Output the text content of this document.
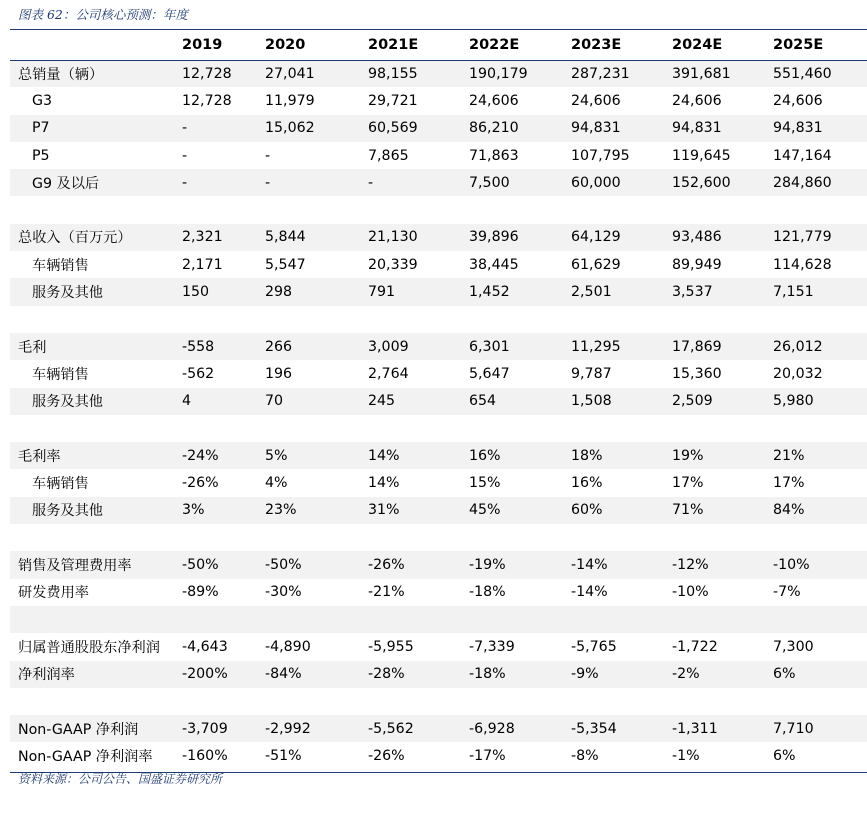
图表 62：公司核心预测：年度
	2019	2020	2021E	2022E	2023E	2024E	2025E
总销量（辆）	12,728	27,041	98,155	190,179	287,231	391,681	551,460
G3	12,728	11,979	29,721	24,606	24,606	24,606	24,606
P7	-	15,062	60,569	86,210	94,831	94,831	94,831
P5	-	-	7,865	71,863	107,795	119,645	147,164
G9 及以后	-	-	-	7,500	60,000	152,600	284,860

总收入（百万元）	2,321	5,844	21,130	39,896	64,129	93,486	121,779
车辆销售	2,171	5,547	20,339	38,445	61,629	89,949	114,628
服务及其他	150	298	791	1,452	2,501	3,537	7,151

毛利	-558	266	3,009	6,301	11,295	17,869	26,012
车辆销售	-562	196	2,764	5,647	9,787	15,360	20,032
服务及其他	4	70	245	654	1,508	2,509	5,980

毛利率	-24%	5%	14%	16%	18%	19%	21%
车辆销售	-26%	4%	14%	15%	16%	17%	17%
服务及其他	3%	23%	31%	45%	60%	71%	84%

销售及管理费用率	-50%	-50%	-26%	-19%	-14%	-12%	-10%
研发费用率	-89%	-30%	-21%	-18%	-14%	-10%	-7%

归属普通股股东净利润	-4,643	-4,890	-5,955	-7,339	-5,765	-1,722	7,300
净利润率	-200%	-84%	-28%	-18%	-9%	-2%	6%

Non-GAAP 净利润	-3,709	-2,992	-5,562	-6,928	-5,354	-1,311	7,710
Non-GAAP 净利润率	-160%	-51%	-26%	-17%	-8%	-1%	6%
资料来源：公司公告、国盛证券研究所
